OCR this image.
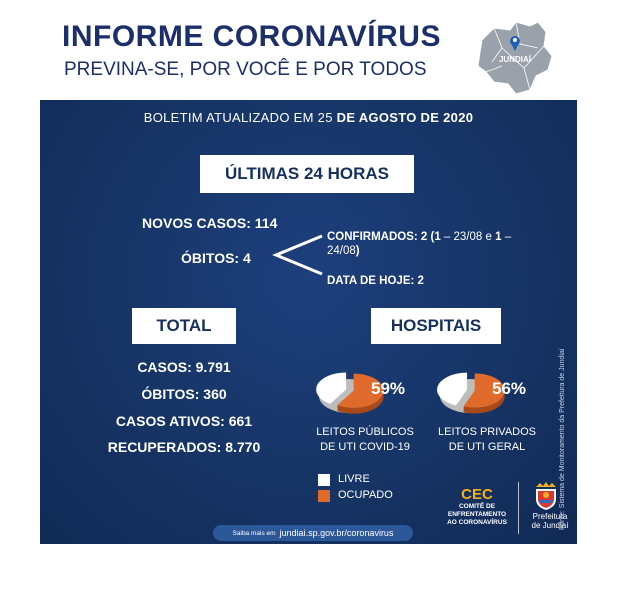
INFORME CORONAVÍRUS
PREVINA-SE, POR VOCÊ E POR TODOS	JUNDIAÍ
BOLETIM ATUALIZADO EM 25 DE AGOSTO DE 2020
ÚLTIMAS 24 HORAS
NOVOS CASOS: 114
ÓBITOS: 4
CONFIRMADOS: 2 (1 – 23/08 e 1 – 24/08)
DATA DE HOJE: 2
TOTAL	HOSPITAIS
CASOS: 9.791
ÓBITOS: 360
CASOS ATIVOS: 661
RECUPERADOS: 8.770
59%	56%
LEITOS PÚBLICOS
DE UTI COVID-19
LEITOS PRIVADOS
DE UTI GERAL
LIVRE
OCUPADO	CEC
COMITÊ DE
ENFRENTAMENTO
AO CORONAVÍRUS
Prefeitura
de Jundiaí
Saiba mais em jundiai.sp.gov.br/coronavirus
Fonte: Sistema de Monitoramento da Prefeitura de Jundiaí
